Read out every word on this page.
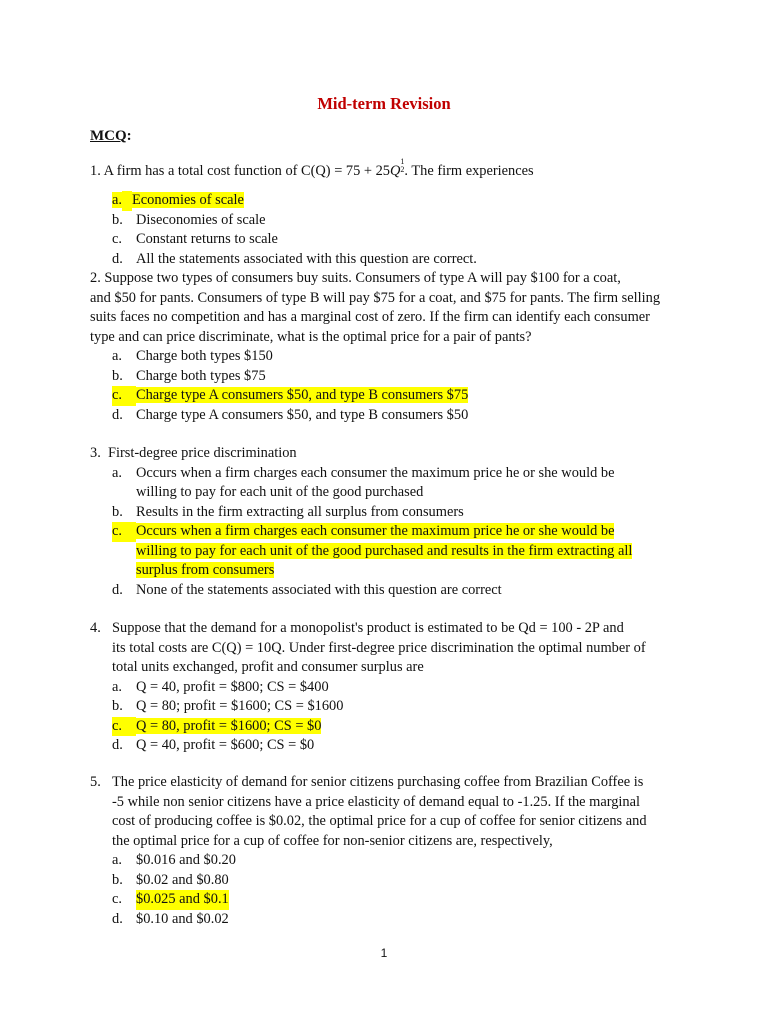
Mid-term Revision
MCQ:
1. A firm has a total cost function of C(Q) = 75 + 25Q
$^{1 2}$ . The firm experiences
a. Economies of scale
b. Diseconomies of scale
c. Constant returns to scale
d. All the statements associated with this question are correct.
2. Suppose two types of consumers buy suits. Consumers of type A will pay $100 for a coat,
and $50 for pants. Consumers of type B will pay $75 for a coat, and $75 for pants. The firm selling
suits faces no competition and has a marginal cost of zero. If the firm can identify each consumer
type and can price discriminate, what is the optimal price for a pair of pants?
a. Charge both types $150
b. Charge both types $75
c. Charge type A consumers $50, and type B consumers $75
d. Charge type A consumers $50, and type B consumers $50
3. First-degree price discrimination
a. Occurs when a firm charges each consumer the maximum price he or she would be
willing to pay for each unit of the good purchased
b. Results in the firm extracting all surplus from consumers
c. Occurs when a firm charges each consumer the maximum price he or she would be
willing to pay for each unit of the good purchased and results in the firm extracting all
surplus from consumers
d. None of the statements associated with this question are correct
4. Suppose that the demand for a monopolist's product is estimated to be Qd = 100 - 2P and
its total costs are C(Q) = 10Q. Under first-degree price discrimination the optimal number of
total units exchanged, profit and consumer surplus are
a. Q = 40, profit = $800; CS = $400
b. Q = 80; profit = $1600; CS = $1600
c. Q = 80, profit = $1600; CS = $0
d. Q = 40, profit = $600; CS = $0
5. The price elasticity of demand for senior citizens purchasing coffee from Brazilian Coffee is
-5 while non senior citizens have a price elasticity of demand equal to -1.25. If the marginal
cost of producing coffee is $0.02, the optimal price for a cup of coffee for senior citizens and
the optimal price for a cup of coffee for non-senior citizens are, respectively,
a. $0.016 and $0.20
b. $0.02 and $0.80
c. $0.025 and $0.1
d. $0.10 and $0.02
1
